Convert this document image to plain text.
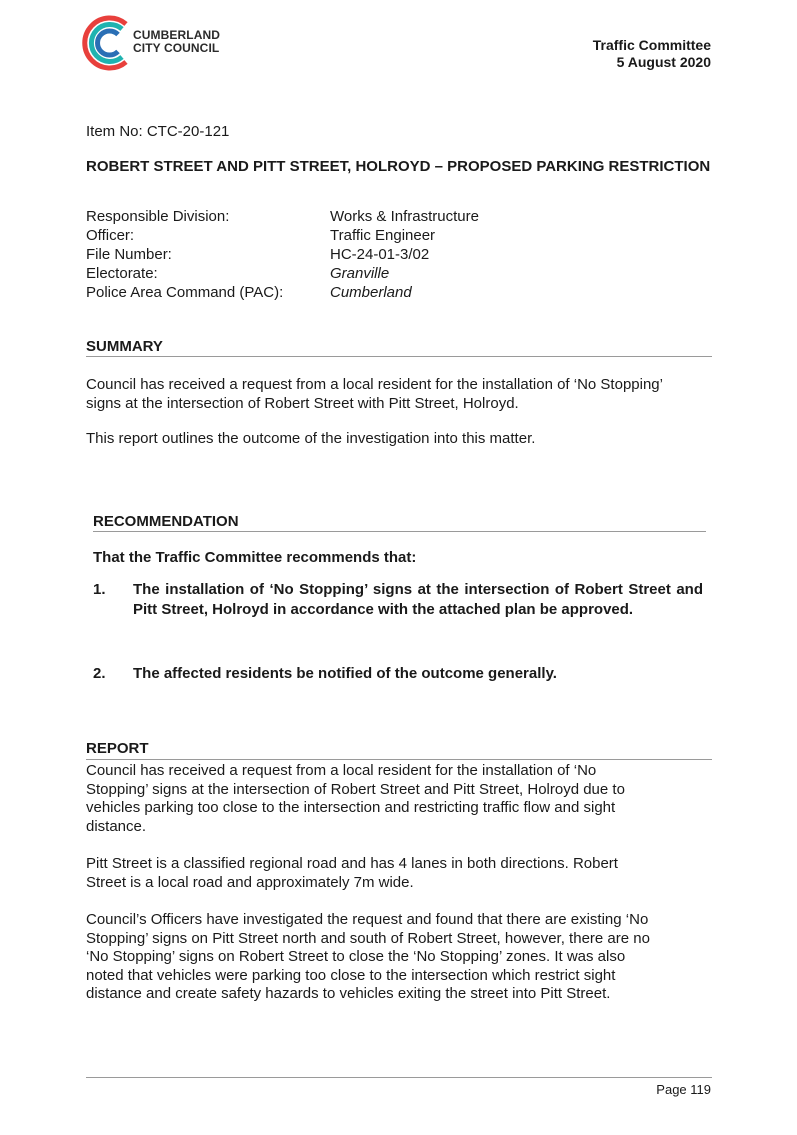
CUMBERLAND
CITY COUNCIL	Traffic Committee
5 August 2020
Item No: CTC-20-121
ROBERT STREET AND PITT STREET, HOLROYD – PROPOSED PARKING RESTRICTION
Responsible Division:	Works & Infrastructure
Officer:	Traffic Engineer
File Number:	HC-24-01-3/02
Electorate:	Granville
Police Area Command (PAC):	Cumberland
SUMMARY
Council has received a request from a local resident for the installation of ‘No Stopping’
signs at the intersection of Robert Street with Pitt Street, Holroyd.
This report outlines the outcome of the investigation into this matter.
RECOMMENDATION
That the Traffic Committee recommends that:
1. The installation of ‘No Stopping’ signs at the intersection of Robert Street and Pitt Street, Holroyd in accordance with the attached plan be approved.
2. The affected residents be notified of the outcome generally.
REPORT
Council has received a request from a local resident for the installation of ‘No
Stopping’ signs at the intersection of Robert Street and Pitt Street, Holroyd due to
vehicles parking too close to the intersection and restricting traffic flow and sight
distance.
Pitt Street is a classified regional road and has 4 lanes in both directions. Robert
Street is a local road and approximately 7m wide.
Council’s Officers have investigated the request and found that there are existing ‘No
Stopping’ signs on Pitt Street north and south of Robert Street, however, there are no
‘No Stopping’ signs on Robert Street to close the ‘No Stopping’ zones. It was also
noted that vehicles were parking too close to the intersection which restrict sight
distance and create safety hazards to vehicles exiting the street into Pitt Street.
Page 119
